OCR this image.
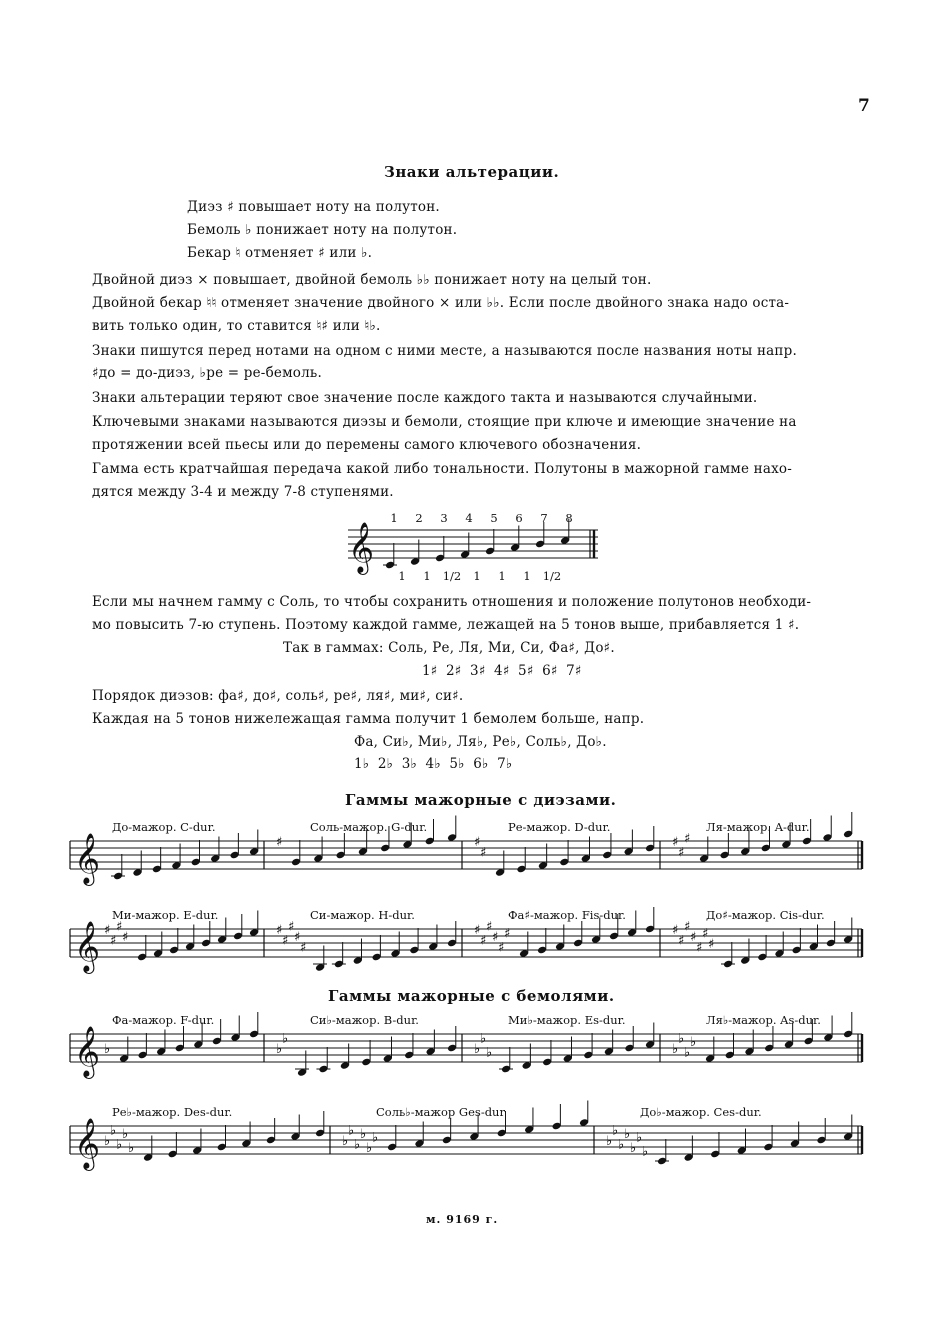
7
Знаки альтерации.
Диэз ♯ повышает ноту на полутон.
Бемоль ♭ понижает ноту на полутон.
Бекар ♮ отменяет ♯ или ♭.
Двойной диэз × повышает, двойной бемоль ♭♭ понижает ноту на целый тон.
Двойной бекар ♮♮ отменяет значение двойного × или ♭♭. Если после двойного знака надо оста-
вить только один, то ставится ♮♯ или ♮♭.
Знаки пишутся перед нотами на одном с ними месте, а называются после названия ноты напр.
♯до = до-диэз, ♭ре = ре-бемоль.
Знаки альтерации теряют свое значение после каждого такта и называются случайными.
Ключевыми знаками называются диэзы и бемоли, стоящие при ключе и имеющие значение на
протяжении всей пьесы или до перемены самого ключевого обозначения.
Гамма есть кратчайшая передача какой либо тональности. Полутоны в мажорной гамме нахо-
дятся между 3-4 и между 7-8 ступенями.
𝄞
1 2 3 4 5 6 7 8
1 1 1/2 1 1 1 1/2
Если мы начнем гамму с Соль, то чтобы сохранить отношения и положение полутонов необходи-
мо повысить 7-ю ступень. Поэтому каждой гамме, лежащей на 5 тонов выше, прибавляется 1 ♯.
Так в гаммах: Соль, Ре, Ля, Ми, Си, Фа♯, До♯.
1♯ 2♯ 3♯ 4♯ 5♯ 6♯ 7♯
Порядок диэзов: фа♯, до♯, соль♯, ре♯, ля♯, ми♯, си♯.
Каждая на 5 тонов нижележащая гамма получит 1 бемолем больше, напр.
Фа, Си♭, Ми♭, Ля♭, Ре♭, Соль♭, До♭.
1♭ 2♭ 3♭ 4♭ 5♭ 6♭ 7♭
Гаммы мажорные с диэзами.
𝄞
До-мажор. C-dur.	Соль-мажор. G-dur.
♯
Ре-мажор. D-dur.
♯
♯
Ля-мажор. A-dur.
♯
♯
♯
𝄞
Ми-мажор. E-dur.
♯
♯
♯
♯
Си-мажор. H-dur.
♯
♯
♯
♯
♯
Фа♯-мажор. Fis-dur.
♯
♯
♯
♯
♯
♯
До♯-мажор. Cis-dur.
♯
♯
♯
♯
♯
♯
♯
Гаммы мажорные с бемолями.
𝄞
Фа-мажор. F-dur.
♭
Си♭-мажор. B-dur.
♭
♭
Ми♭-мажор. Es-dur.
♭
♭
♭
Ля♭-мажор. As-dur.
♭
♭
♭
♭
𝄞
Ре♭-мажор. Des-dur.
♭
♭
♭
♭
♭
Соль♭-мажор Ges-dur
♭
♭
♭
♭
♭
♭
До♭-мажор. Ces-dur.
♭
♭
♭
♭
♭
♭
♭
м. 9169 г.
